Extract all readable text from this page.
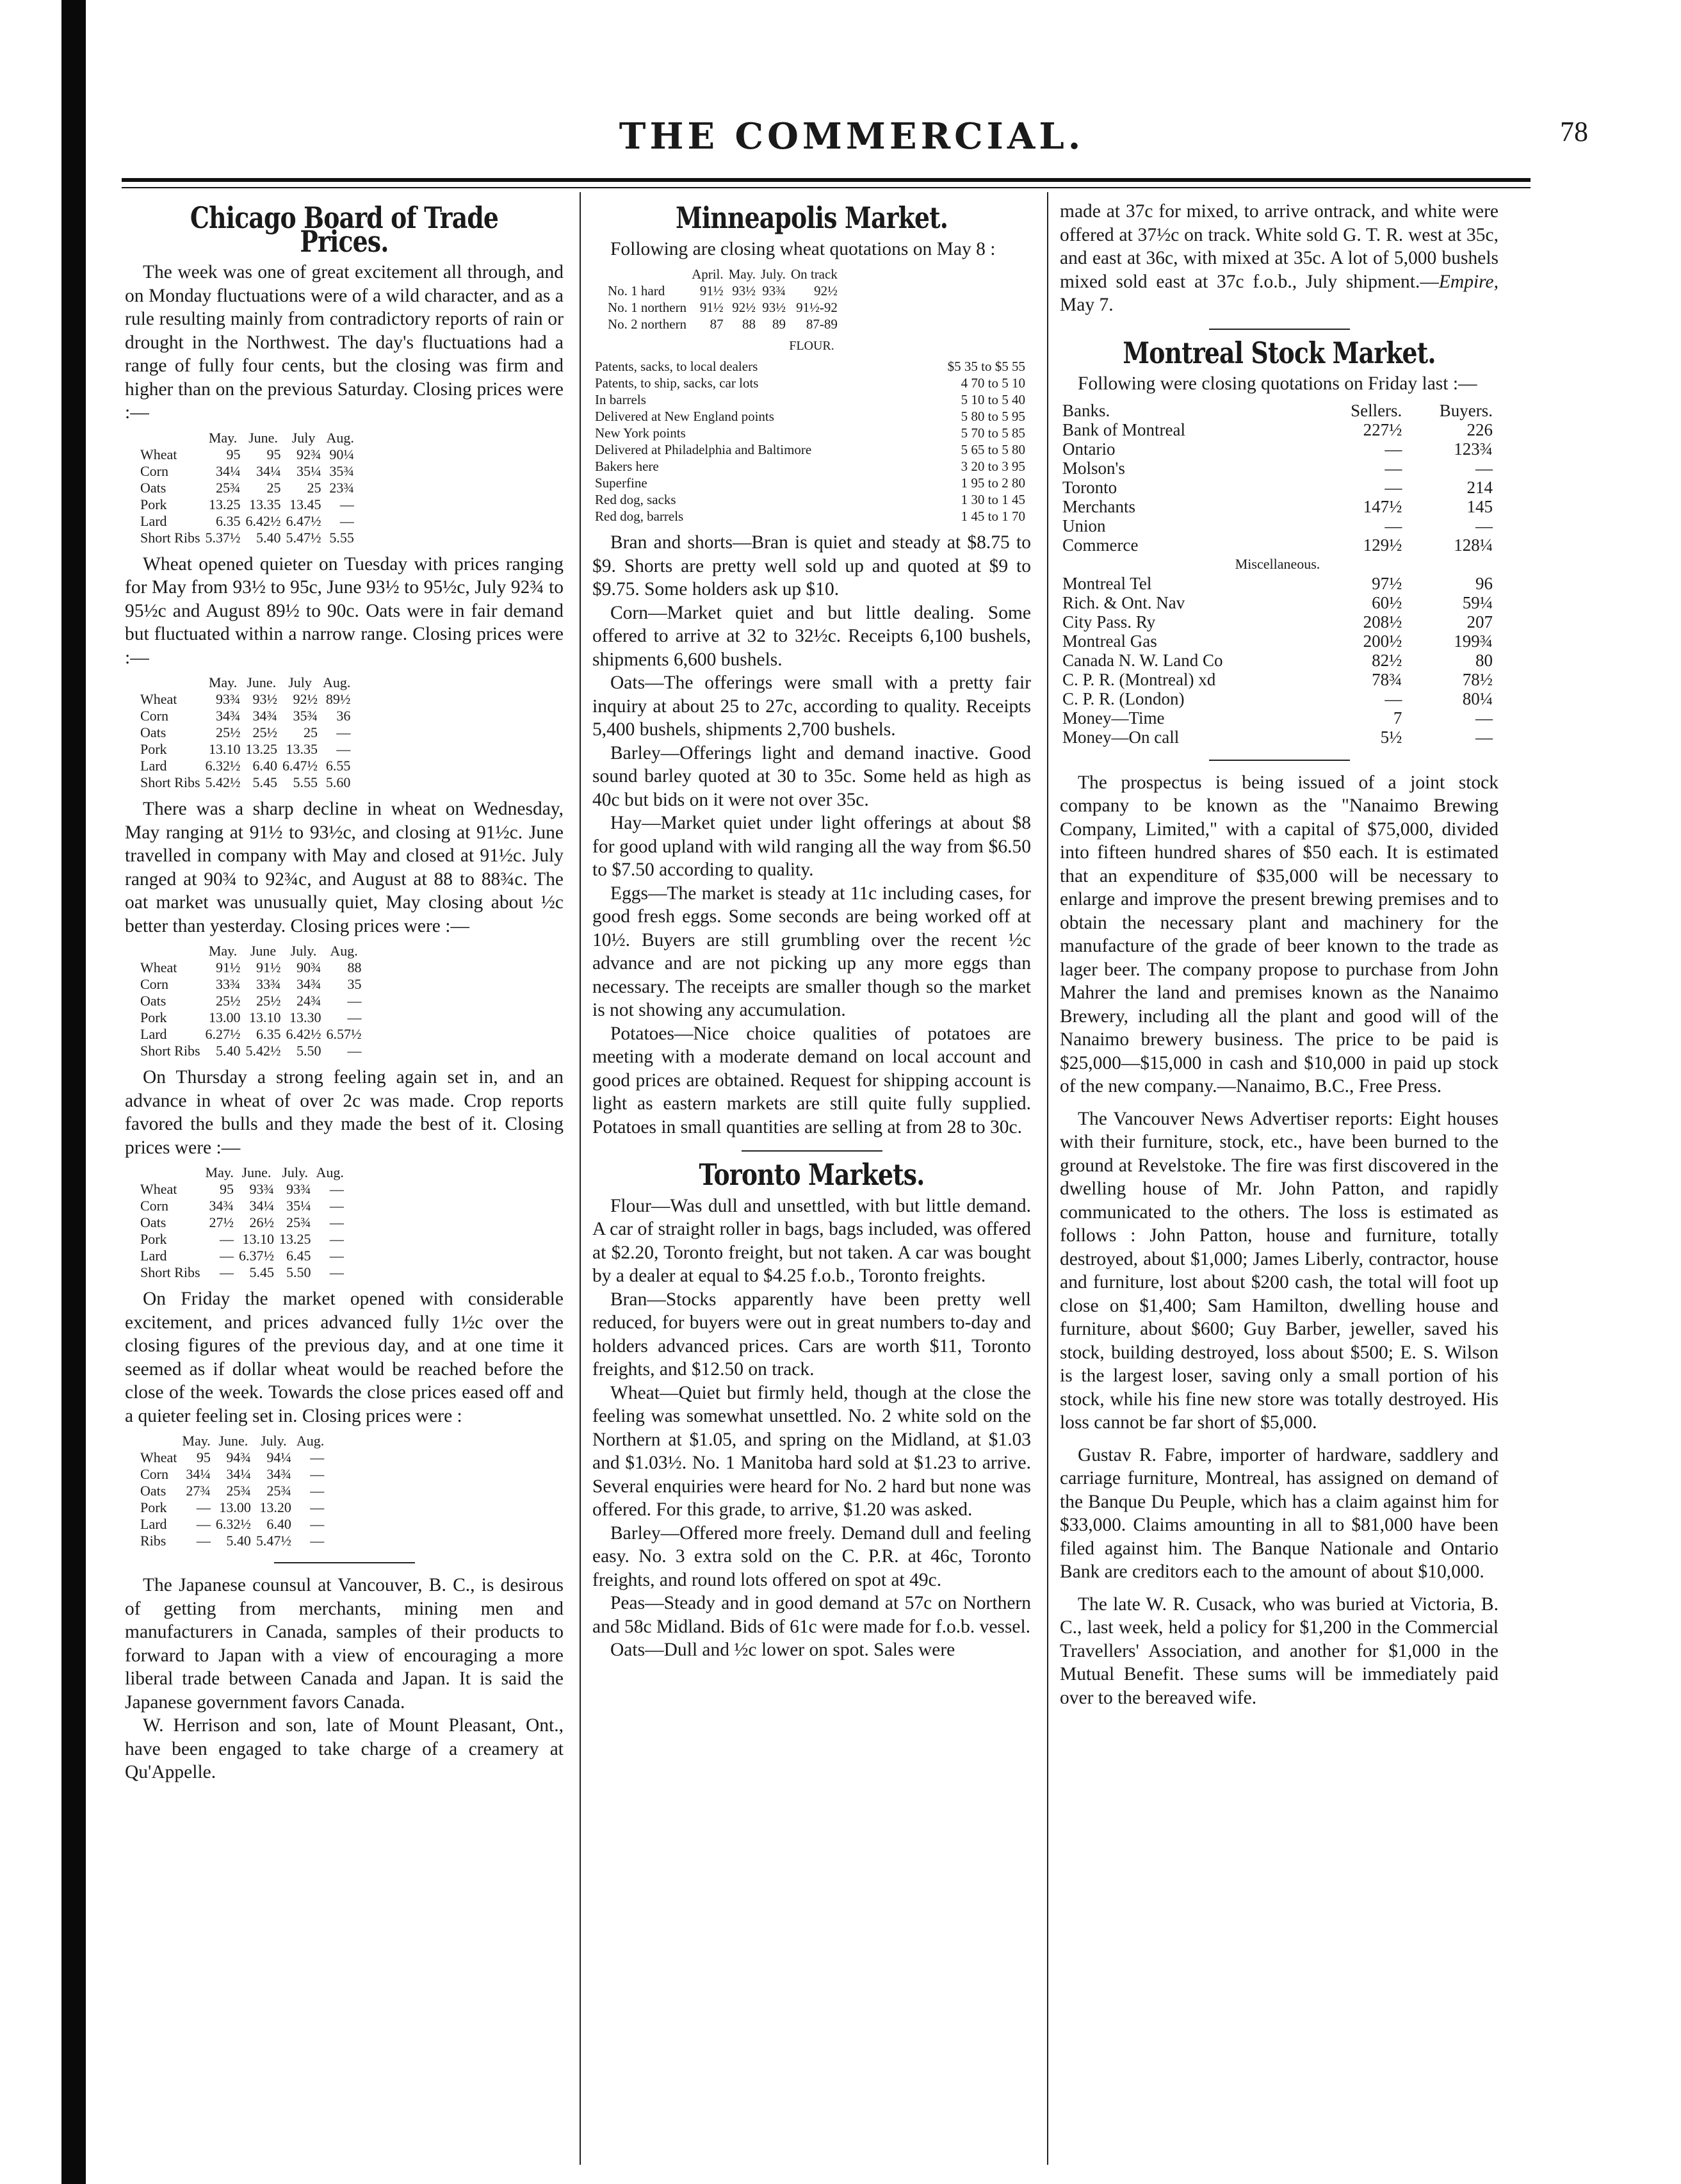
THE COMMERCIAL.	78
Chicago Board of Trade Prices.

The week was one of great excitement all through, and on Monday fluctuations were of a wild character, and as a rule resulting mainly from contradictory reports of rain or drought in the Northwest. The day's fluctuations had a range of fully four cents, but the closing was firm and higher than on the previous Saturday. Closing prices were :—

	May.	June.	July	Aug.
Wheat	95	95	92¾	90¼
Corn	34¼	34¼	35¼	35¾
Oats	25¾	25	25	23¾
Pork	13.25	13.35	13.45	—
Lard	6.35	6.42½	6.47½	—
Short Ribs	5.37½	5.40	5.47½	5.55

Wheat opened quieter on Tuesday with prices ranging for May from 93½ to 95c, June 93½ to 95½c, July 92¾ to 95½c and August 89½ to 90c. Oats were in fair demand but fluctuated within a narrow range. Closing prices were :—

	May.	June.	July	Aug.
Wheat	93¾	93½	92½	89½
Corn	34¾	34¾	35¾	36
Oats	25½	25½	25	—
Pork	13.10	13.25	13.35	—
Lard	6.32½	6.40	6.47½	6.55
Short Ribs	5.42½	5.45	5.55	5.60

There was a sharp decline in wheat on Wednesday, May ranging at 91½ to 93½c, and closing at 91½c. June travelled in company with May and closed at 91½c. July ranged at 90¾ to 92¾c, and August at 88 to 88¾c. The oat market was unusually quiet, May closing about ½c better than yesterday. Closing prices were :—

	May.	June	July.	Aug.
Wheat	91½	91½	90¾	88
Corn	33¾	33¾	34¾	35
Oats	25½	25½	24¾	—
Pork	13.00	13.10	13.30	—
Lard	6.27½	6.35	6.42½	6.57½
Short Ribs	5.40	5.42½	5.50	—

On Thursday a strong feeling again set in, and an advance in wheat of over 2c was made. Crop reports favored the bulls and they made the best of it. Closing prices were :—

	May.	June.	July.	Aug.
Wheat	95	93¾	93¾	—
Corn	34¾	34¼	35¼	—
Oats	27½	26½	25¾	—
Pork	—	13.10	13.25	—
Lard	—	6.37½	6.45	—
Short Ribs	—	5.45	5.50	—

On Friday the market opened with considerable excitement, and prices advanced fully 1½c over the closing figures of the previous day, and at one time it seemed as if dollar wheat would be reached before the close of the week. Towards the close prices eased off and a quieter feeling set in. Closing prices were :

	May.	June.	July.	Aug.
Wheat	95	94¾	94¼	—
Corn	34¼	34¼	34¾	—
Oats	27¾	25¾	25¾	—
Pork	—	13.00	13.20	—
Lard	—	6.32½	6.40	—
Ribs	—	5.40	5.47½	—

The Japanese counsul at Vancouver, B. C., is desirous of getting from merchants, mining men and manufacturers in Canada, samples of their products to forward to Japan with a view of encouraging a more liberal trade between Canada and Japan. It is said the Japanese government favors Canada.

W. Herrison and son, late of Mount Pleasant, Ont., have been engaged to take charge of a creamery at Qu'Appelle.

Minneapolis Market.

Following are closing wheat quotations on May 8 :

	April.	May.	July.	On track
No. 1 hard	91½	93½	93¾	92½
No. 1 northern	91½	92½	93½	91½-92
No. 2 northern	87	88	89	87-89
FLOUR.
Patents, sacks, to local dealers	$5 35 to $5 55
Patents, to ship, sacks, car lots	4 70 to 5 10
In barrels	5 10 to 5 40
Delivered at New England points	5 80 to 5 95
New York points	5 70 to 5 85
Delivered at Philadelphia and Baltimore	5 65 to 5 80
Bakers here	3 20 to 3 95
Superfine	1 95 to 2 80
Red dog, sacks	1 30 to 1 45
Red dog, barrels	1 45 to 1 70

Bran and shorts—Bran is quiet and steady at $8.75 to $9. Shorts are pretty well sold up and quoted at $9 to $9.75. Some holders ask up $10.

Corn—Market quiet and but little dealing. Some offered to arrive at 32 to 32½c. Receipts 6,100 bushels, shipments 6,600 bushels.

Oats—The offerings were small with a pretty fair inquiry at about 25 to 27c, according to quality. Receipts 5,400 bushels, shipments 2,700 bushels.

Barley—Offerings light and demand inactive. Good sound barley quoted at 30 to 35c. Some held as high as 40c but bids on it were not over 35c.

Hay—Market quiet under light offerings at about $8 for good upland with wild ranging all the way from $6.50 to $7.50 according to quality.

Eggs—The market is steady at 11c including cases, for good fresh eggs. Some seconds are being worked off at 10½. Buyers are still grumbling over the recent ½c advance and are not picking up any more eggs than necessary. The receipts are smaller though so the market is not showing any accumulation.

Potatoes—Nice choice qualities of potatoes are meeting with a moderate demand on local account and good prices are obtained. Request for shipping account is light as eastern markets are still quite fully supplied. Potatoes in small quantities are selling at from 28 to 30c.

Toronto Markets.

Flour—Was dull and unsettled, with but little demand. A car of straight roller in bags, bags included, was offered at $2.20, Toronto freight, but not taken. A car was bought by a dealer at equal to $4.25 f.o.b., Toronto freights.

Bran—Stocks apparently have been pretty well reduced, for buyers were out in great numbers to-day and holders advanced prices. Cars are worth $11, Toronto freights, and $12.50 on track.

Wheat—Quiet but firmly held, though at the close the feeling was somewhat unsettled. No. 2 white sold on the Northern at $1.05, and spring on the Midland, at $1.03 and $1.03½. No. 1 Manitoba hard sold at $1.23 to arrive. Several enquiries were heard for No. 2 hard but none was offered. For this grade, to arrive, $1.20 was asked.

Barley—Offered more freely. Demand dull and feeling easy. No. 3 extra sold on the C. P.R. at 46c, Toronto freights, and round lots offered on spot at 49c.

Peas—Steady and in good demand at 57c on Northern and 58c Midland. Bids of 61c were made for f.o.b. vessel.

Oats—Dull and ½c lower on spot. Sales were

made at 37c for mixed, to arrive ontrack, and white were offered at 37½c on track. White sold G. T. R. west at 35c, and east at 36c, with mixed at 35c. A lot of 5,000 bushels mixed sold east at 37c f.o.b., July shipment.—Empire, May 7.

Montreal Stock Market.

Following were closing quotations on Friday last :—

Banks.	Sellers.	Buyers.
Bank of Montreal	227½	226
Ontario	—	123¾
Molson's	—	—
Toronto	—	214
Merchants	147½	145
Union	—	—
Commerce	129½	128¼
Miscellaneous.		
Montreal Tel	97½	96
Rich. & Ont. Nav	60½	59¼
City Pass. Ry	208½	207
Montreal Gas	200½	199¾
Canada N. W. Land Co	82½	80
C. P. R. (Montreal) xd	78¾	78½
C. P. R. (London)	—	80¼
Money—Time	7	—
Money—On call	5½	—

The prospectus is being issued of a joint stock company to be known as the "Nanaimo Brewing Company, Limited," with a capital of $75,000, divided into fifteen hundred shares of $50 each. It is estimated that an expenditure of $35,000 will be necessary to enlarge and improve the present brewing premises and to obtain the necessary plant and machinery for the manufacture of the grade of beer known to the trade as lager beer. The company propose to purchase from John Mahrer the land and premises known as the Nanaimo Brewery, including all the plant and good will of the Nanaimo brewery business. The price to be paid is $25,000—$15,000 in cash and $10,000 in paid up stock of the new company.—Nanaimo, B.C., Free Press.

The Vancouver News Advertiser reports: Eight houses with their furniture, stock, etc., have been burned to the ground at Revelstoke. The fire was first discovered in the dwelling house of Mr. John Patton, and rapidly communicated to the others. The loss is estimated as follows : John Patton, house and furniture, totally destroyed, about $1,000; James Liberly, contractor, house and furniture, lost about $200 cash, the total will foot up close on $1,400; Sam Hamilton, dwelling house and furniture, about $600; Guy Barber, jeweller, saved his stock, building destroyed, loss about $500; E. S. Wilson is the largest loser, saving only a small portion of his stock, while his fine new store was totally destroyed. His loss cannot be far short of $5,000.

Gustav R. Fabre, importer of hardware, saddlery and carriage furniture, Montreal, has assigned on demand of the Banque Du Peuple, which has a claim against him for $33,000. Claims amounting in all to $81,000 have been filed against him. The Banque Nationale and Ontario Bank are creditors each to the amount of about $10,000.

The late W. R. Cusack, who was buried at Victoria, B. C., last week, held a policy for $1,200 in the Commercial Travellers' Association, and another for $1,000 in the Mutual Benefit. These sums will be immediately paid over to the bereaved wife.
